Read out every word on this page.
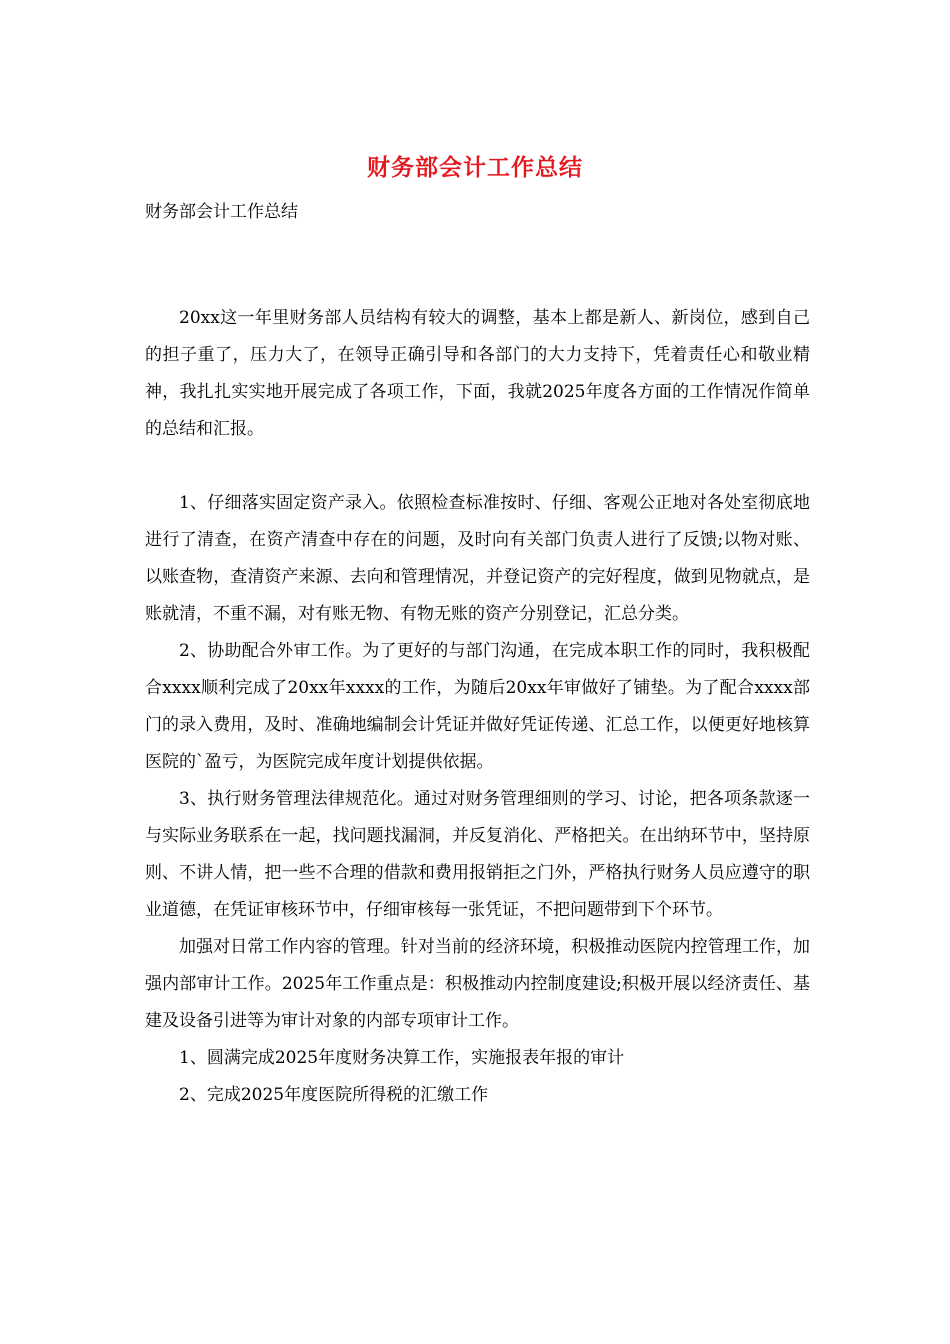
财务部会计工作总结
财务部会计工作总结

20xx这一年里财务部人员结构有较大的调整，基本上都是新人、新岗位，感到自己的担子重了，压力大了，在领导正确引导和各部门的大力支持下，凭着责任心和敬业精神，我扎扎实实地开展完成了各项工作，下面，我就2025年度各方面的工作情况作简单的总结和汇报。

1、仔细落实固定资产录入。依照检查标准按时、仔细、客观公正地对各处室彻底地进行了清查，在资产清查中存在的问题，及时向有关部门负责人进行了反馈;以物对账、以账查物，查清资产来源、去向和管理情况，并登记资产的完好程度，做到见物就点，是账就清，不重不漏，对有账无物、有物无账的资产分别登记，汇总分类。

2、协助配合外审工作。为了更好的与部门沟通，在完成本职工作的同时，我积极配合xxxx顺利完成了20xx年xxxx的工作，为随后20xx年审做好了铺垫。为了配合xxxx部门的录入费用，及时、准确地编制会计凭证并做好凭证传递、汇总工作，以便更好地核算医院的`盈亏，为医院完成年度计划提供依据。

3、执行财务管理法律规范化。通过对财务管理细则的学习、讨论，把各项条款逐一与实际业务联系在一起，找问题找漏洞，并反复消化、严格把关。在出纳环节中，坚持原则、不讲人情，把一些不合理的借款和费用报销拒之门外，严格执行财务人员应遵守的职业道德，在凭证审核环节中，仔细审核每一张凭证，不把问题带到下个环节。

加强对日常工作内容的管理。针对当前的经济环境，积极推动医院内控管理工作，加强内部审计工作。2025年工作重点是：积极推动内控制度建设;积极开展以经济责任、基建及设备引进等为审计对象的内部专项审计工作。

1、圆满完成2025年度财务决算工作，实施报表年报的审计

2、完成2025年度医院所得税的汇缴工作
